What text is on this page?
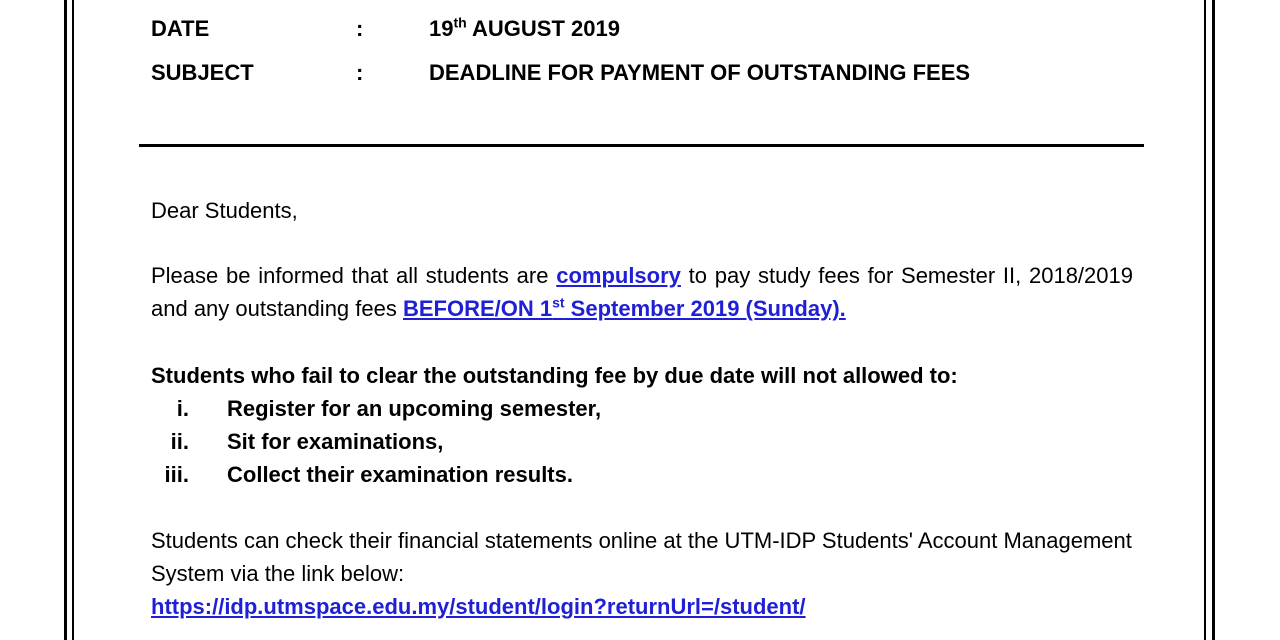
DATE	:	19th AUGUST 2019
SUBJECT	:	DEADLINE FOR PAYMENT OF OUTSTANDING FEES
Dear Students,
Please be informed that all students are compulsory to pay study fees for Semester II, 2018/2019 and any outstanding fees BEFORE/ON 1st September 2019 (Sunday).
Students who fail to clear the outstanding fee by due date will not allowed to:
i. Register for an upcoming semester,
ii. Sit for examinations,
iii. Collect their examination results.
Students can check their financial statements online at the UTM-IDP Students' Account Management System via the link below:
https://idp.utmspace.edu.my/student/login?returnUrl=/student/
